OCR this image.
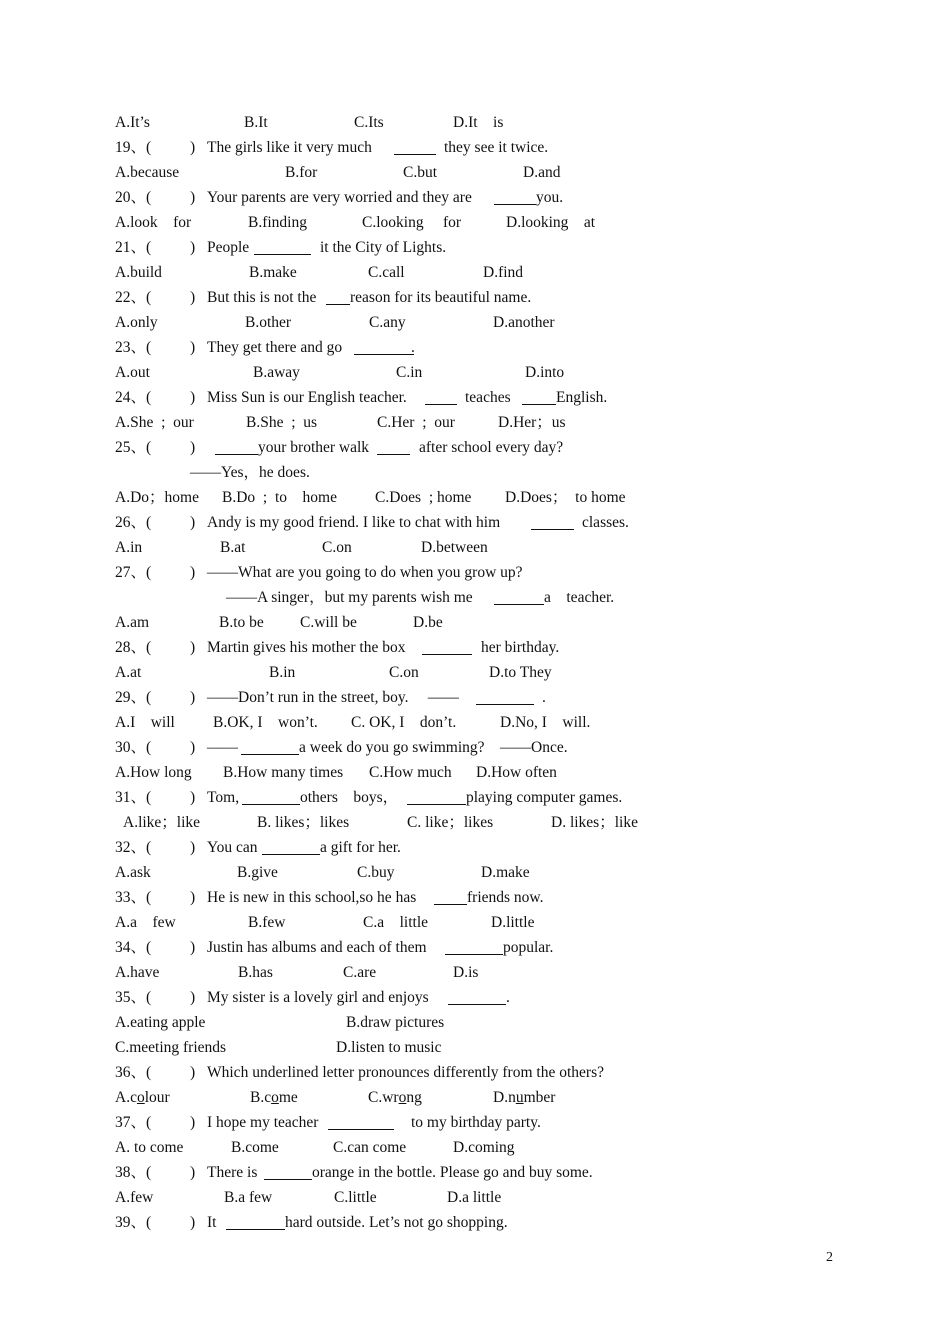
A.It’s	B.It	C.Its	D.It    is
19、(	) The girls like it very much	they see it twice.
A.because	B.for	C.but	D.and
20、(	) Your parents are very worried and they are	you.
A.look    for	B.finding	C.looking     for	D.looking    at
21、(	) People	it the City of Lights.
A.build	B.make	C.call	D.find
22、(	) But this is not the reason for its beautiful name.
A.only	B.other	C.any	D.another
23、(	) They get there and go	.
A.out	B.away	C.in	D.into
24、(	) Miss Sun is our English teacher.	teaches	English.
A.She  ;  our	B.She  ;  us	C.Her  ;  our	D.Her；us
25、(	)	your brother walk	after school every day?
——Yes，he does.
A.Do；home B.Do  ;  to    home C.Does  ; home D.Does；  to home
26、(	) Andy is my good friend. I like to chat with him	classes.
A.in	B.at	C.on	D.between
27、(	) ——What are you going to do when you grow up?
——A singer，but my parents wish me	a    teacher.
A.am	B.to be C.will be	D.be
28、(	) Martin gives his mother the box	her birthday.
A.at	B.in	C.on	D.to They
29、(	) ——Don’t run in the street, boy.     ——	.
A.I    will B.OK, I    won’t. C. OK, I    don’t.	D.No, I    will.
30、(	) ——	a week do you go swimming?    ——Once.
A.How long B.How many times C.How much D.How often
31、(	) Tom,	others    boys，	playing computer games.
A.like；like	B. likes；likes	C. like；likes	D. likes；like
32、(	) You can	a gift for her.
A.ask	B.give	C.buy	D.make
33、(	) He is new in this school,so he has	friends now.
A.a    few	B.few	C.a    little	D.little
34、(	) Justin has albums and each of them	popular.
A.have	B.has	C.are	D.is
35、(	) My sister is a lovely girl and enjoys	.
A.eating apple	B.draw pictures
C.meeting friends	D.listen to music
36、(	) Which underlined letter pronounces differently from the others?
A.colour	B.come	C.wrong	D.number
37、(	) I hope my teacher	to my birthday party.
A. to come	B.come	C.can come	D.coming
38、(	) There is	orange in the bottle. Please go and buy some.
A.few	B.a few	C.little	D.a little
39、(	) It	hard outside. Let’s not go shopping.
2
